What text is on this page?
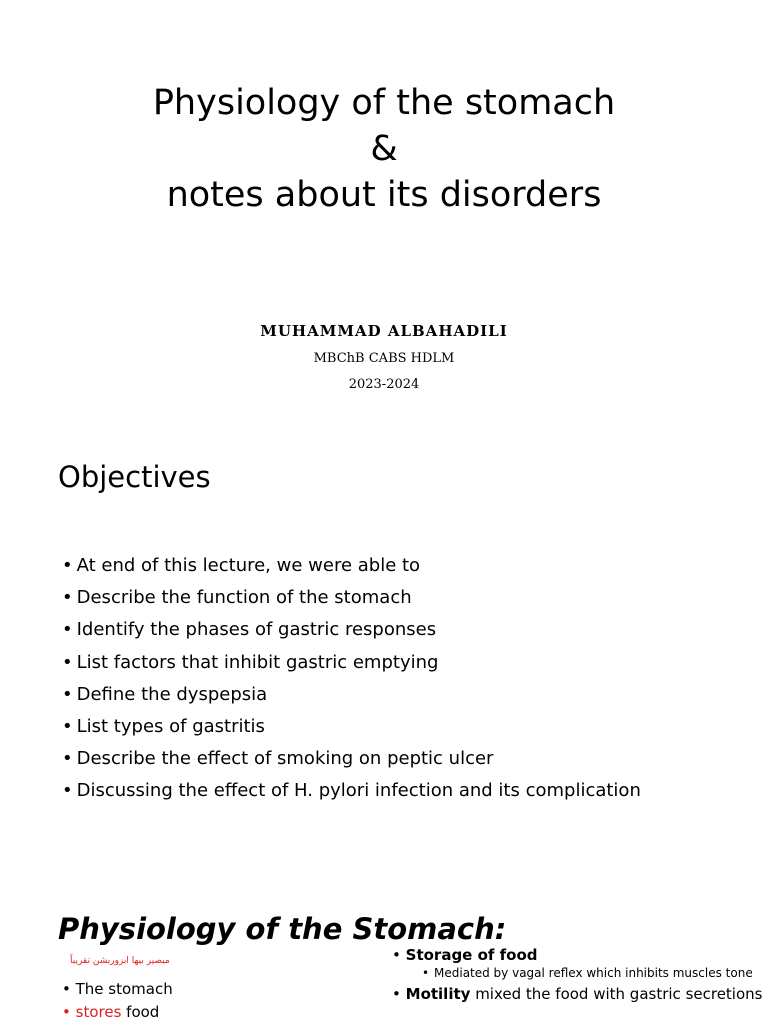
Physiology of the stomach
&
notes about its disorders
MUHAMMAD ALBAHADILI
MBChB CABS HDLM
2023-2024
Objectives
• At end of this lecture, we were able to
• Describe the function of the stomach
• Identify the phases of gastric responses
• List factors that inhibit gastric emptying
• Define the dyspepsia
• List types of gastritis
• Describe the effect of smoking on peptic ulcer
• Discussing the effect of H. pylori infection and its complication
Physiology of the Stomach:
ميصير بيها ابزوربشن تقريباً
• The stomach
• stores food
• Storage of food
• Mediated by vagal reflex which inhibits muscles tone
• Motility mixed the food with gastric secretions
